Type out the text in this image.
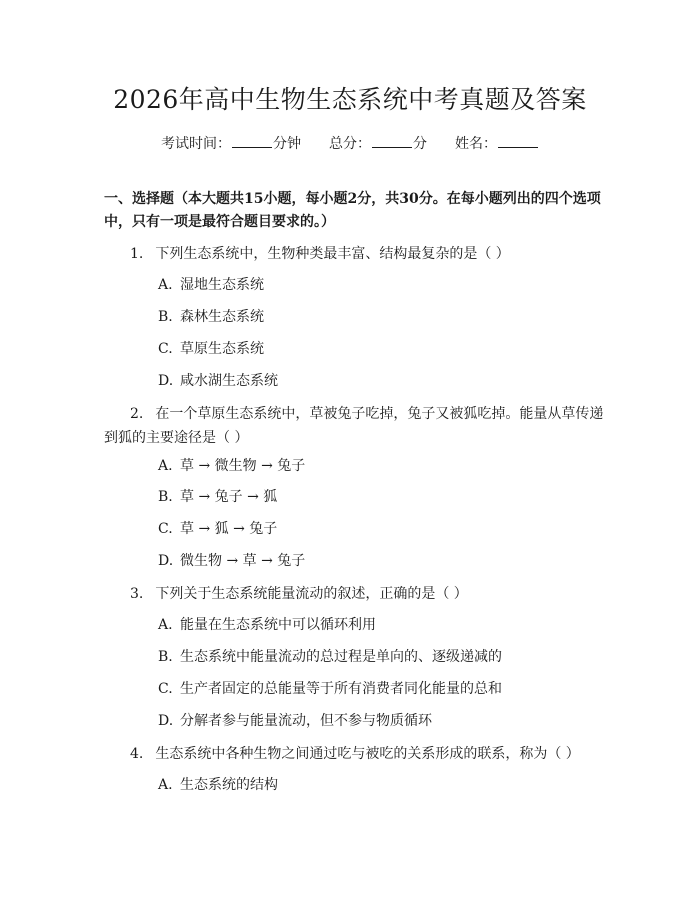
2026年高中生物生态系统中考真题及答案
考试时间：	分钟 总分：	分 姓名：
一、选择题（本大题共15小题，每小题2分，共30分。在每小题列出的四个选项中，只有一项是最符合题目要求的。）
1. 下列生态系统中，生物种类最丰富、结构最复杂的是（ ）
A. 湿地生态系统
B. 森林生态系统
C. 草原生态系统
D. 咸水湖生态系统
2. 在一个草原生态系统中，草被兔子吃掉，兔子又被狐吃掉。能量从草传递到狐的主要途径是（ ）
A. 草 → 微生物 → 兔子
B. 草 → 兔子 → 狐
C. 草 → 狐 → 兔子
D. 微生物 → 草 → 兔子
3. 下列关于生态系统能量流动的叙述，正确的是（ ）
A. 能量在生态系统中可以循环利用
B. 生态系统中能量流动的总过程是单向的、逐级递减的
C. 生产者固定的总能量等于所有消费者同化能量的总和
D. 分解者参与能量流动，但不参与物质循环
4. 生态系统中各种生物之间通过吃与被吃的关系形成的联系，称为（ ）
A. 生态系统的结构
